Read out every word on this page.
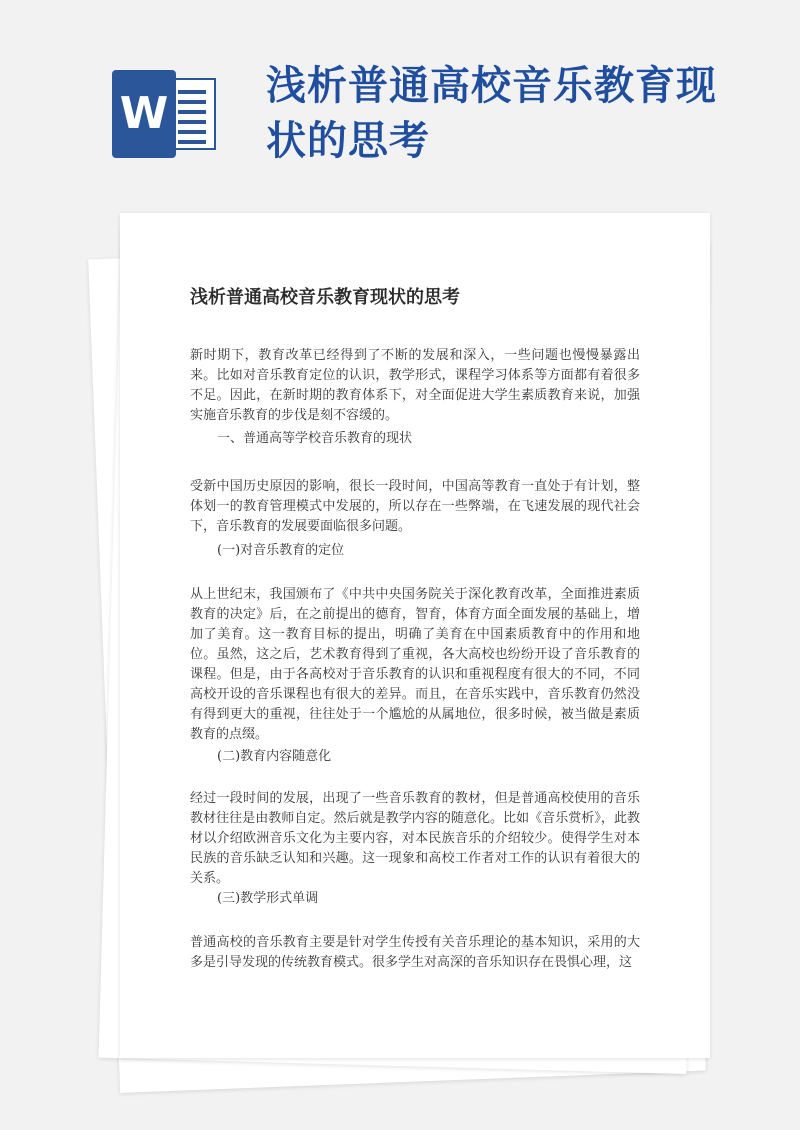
W
浅析普通高校音乐教育现状的思考
浅析普通高校音乐教育现状的思考
新时期下，教育改革已经得到了不断的发展和深入，一些问题也慢慢暴露出来。比如对音乐教育定位的认识，教学形式，课程学习体系等方面都有着很多不足。因此，在新时期的教育体系下，对全面促进大学生素质教育来说，加强实施音乐教育的步伐是刻不容缓的。
一、普通高等学校音乐教育的现状
受新中国历史原因的影响，很长一段时间，中国高等教育一直处于有计划，整体划一的教育管理模式中发展的，所以存在一些弊端，在飞速发展的现代社会下，音乐教育的发展要面临很多问题。
(一)对音乐教育的定位
从上世纪末，我国颁布了《中共中央国务院关于深化教育改革，全面推进素质教育的决定》后，在之前提出的德育，智育，体育方面全面发展的基础上，增加了美育。这一教育目标的提出，明确了美育在中国素质教育中的作用和地位。虽然，这之后，艺术教育得到了重视，各大高校也纷纷开设了音乐教育的课程。但是，由于各高校对于音乐教育的认识和重视程度有很大的不同，不同高校开设的音乐课程也有很大的差异。而且，在音乐实践中，音乐教育仍然没有得到更大的重视，往往处于一个尴尬的从属地位，很多时候，被当做是素质教育的点缀。
(二)教育内容随意化
经过一段时间的发展，出现了一些音乐教育的教材，但是普通高校使用的音乐教材往往是由教师自定。然后就是教学内容的随意化。比如《音乐赏析》，此教材以介绍欧洲音乐文化为主要内容，对本民族音乐的介绍较少。使得学生对本民族的音乐缺乏认知和兴趣。这一现象和高校工作者对工作的认识有着很大的关系。
(三)教学形式单调
普通高校的音乐教育主要是针对学生传授有关音乐理论的基本知识，采用的大多是引导发现的传统教育模式。很多学生对高深的音乐知识存在畏惧心理，这
